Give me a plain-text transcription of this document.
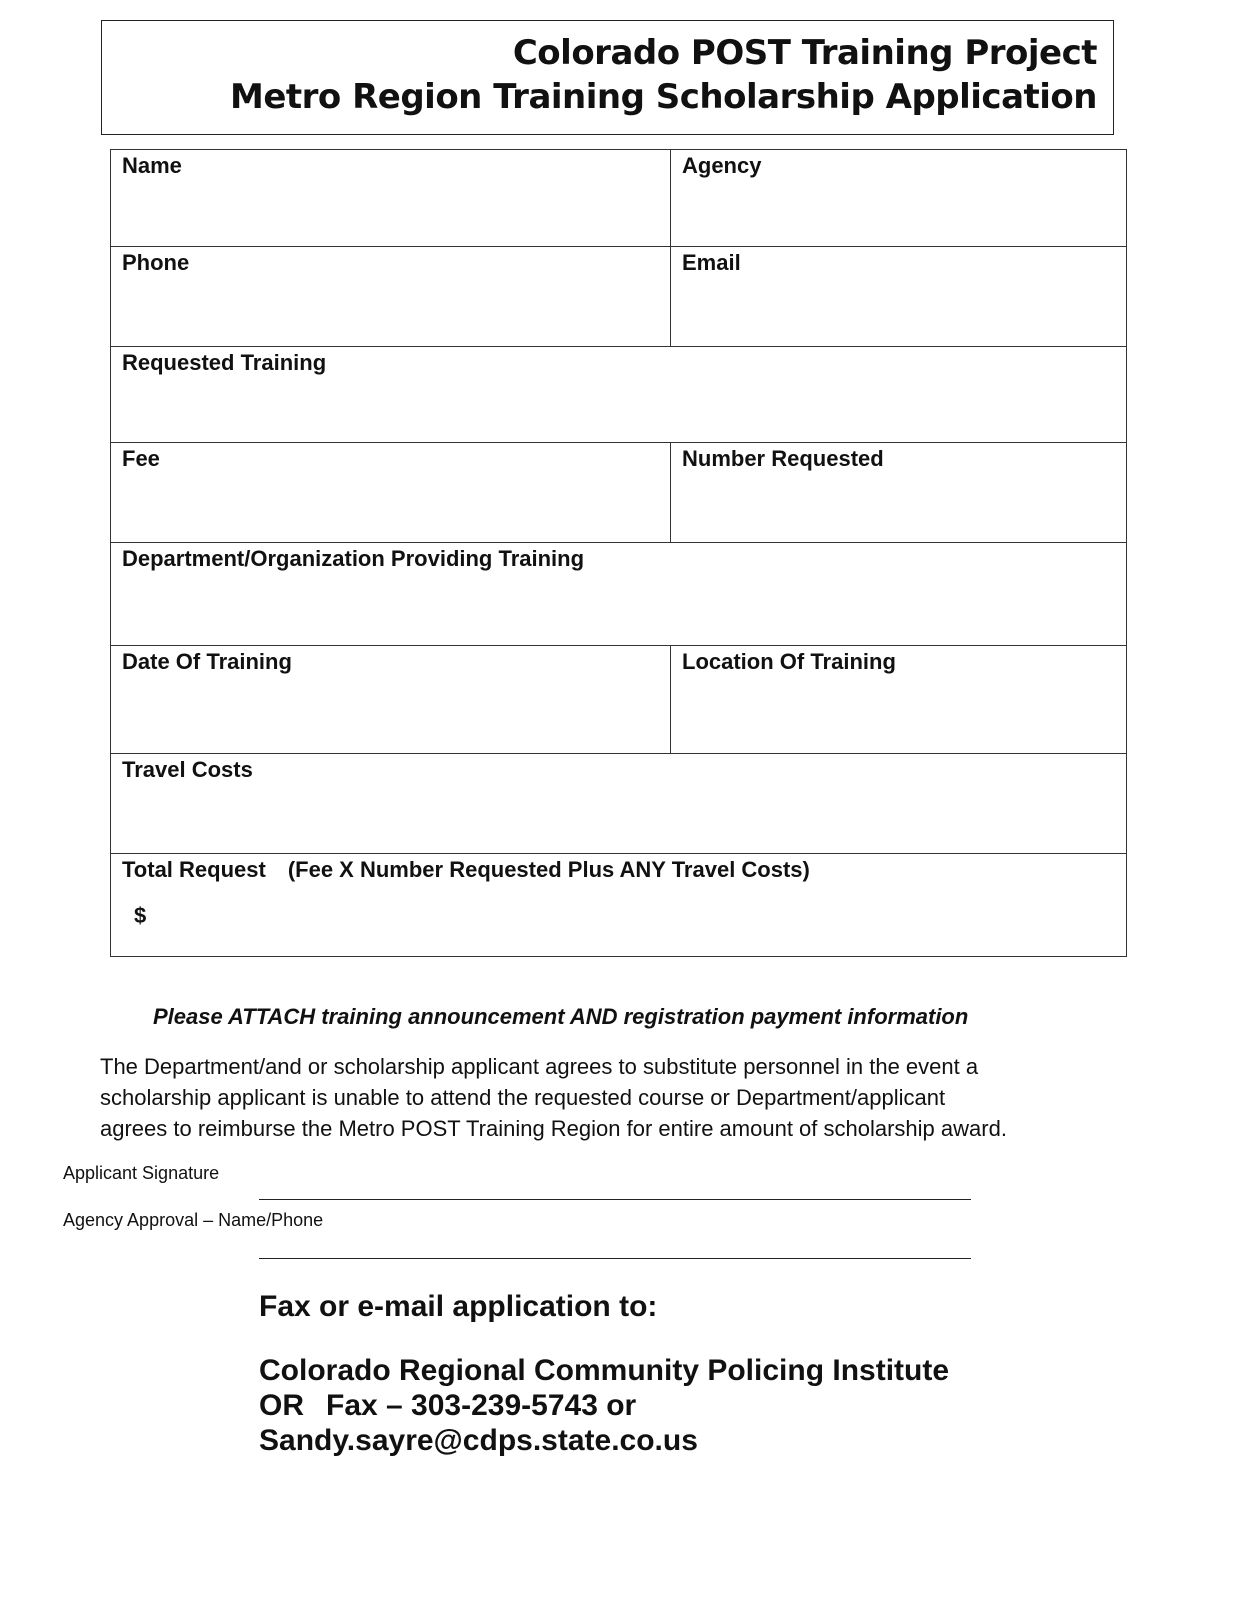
Colorado POST Training Project
Metro Region Training Scholarship Application
Name	Agency
Phone	Email
Requested Training	
Fee	Number Requested
Department/Organization Providing Training	
Date Of Training	Location Of Training
Travel Costs	
Total Request (Fee X Number Requested Plus ANY Travel Costs)
$	
Please ATTACH training announcement AND registration payment information
The Department/and or scholarship applicant agrees to substitute personnel in the event a
scholarship applicant is unable to attend the requested course or Department/applicant
agrees to reimburse the Metro POST Training Region for entire amount of scholarship award.
Applicant Signature
Agency Approval – Name/Phone
Fax or e-mail application to:
Colorado Regional Community Policing Institute
OR Fax – 303-239-5743 or
Sandy.sayre@cdps.state.co.us
